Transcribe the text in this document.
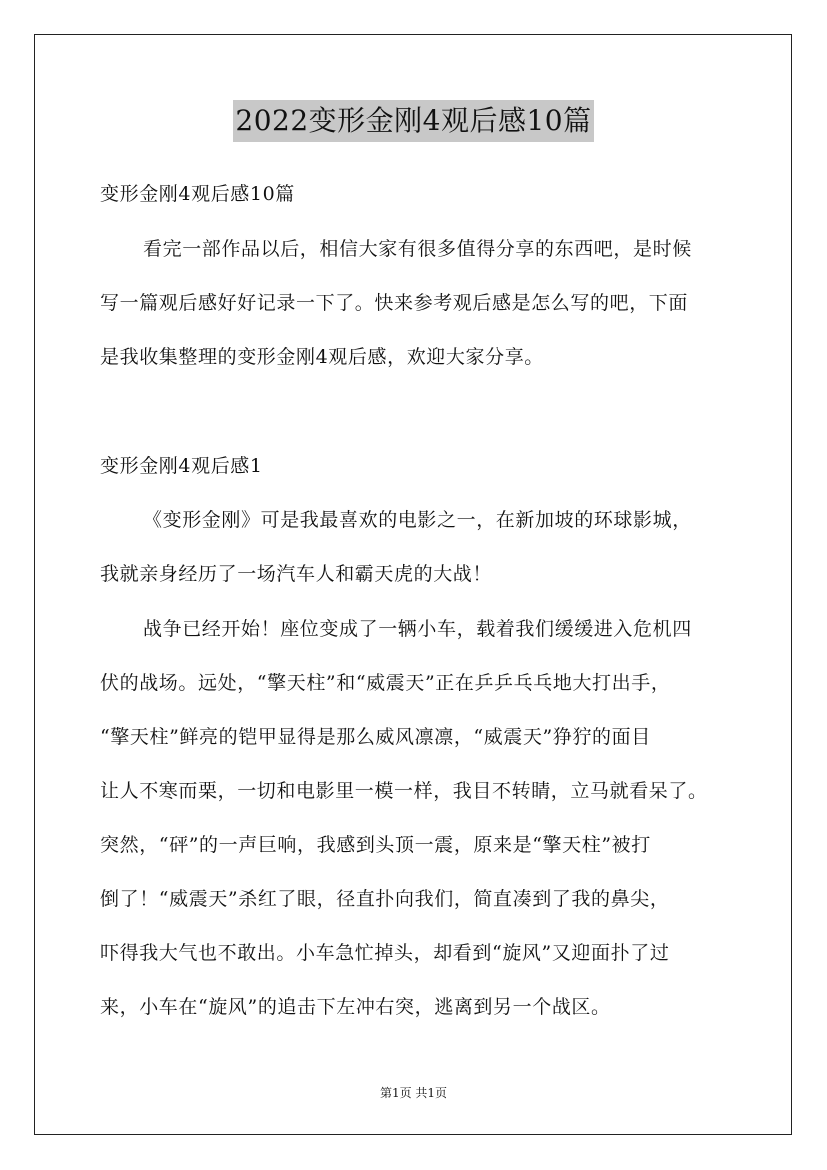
2022变形金刚4观后感10篇
变形金刚4观后感10篇
看完一部作品以后，相信大家有很多值得分享的东西吧，是时候
写一篇观后感好好记录一下了。快来参考观后感是怎么写的吧，下面
是我收集整理的变形金刚4观后感，欢迎大家分享。
变形金刚4观后感1
《变形金刚》可是我最喜欢的电影之一，在新加坡的环球影城，
我就亲身经历了一场汽车人和霸天虎的大战！
战争已经开始！座位变成了一辆小车，载着我们缓缓进入危机四
伏的战场。远处，“擎天柱”和“威震天”正在乒乒乓乓地大打出手，
“擎天柱”鲜亮的铠甲显得是那么威风凛凛，“威震天”狰狞的面目
让人不寒而栗，一切和电影里一模一样，我目不转睛，立马就看呆了。
突然，“砰”的一声巨响，我感到头顶一震，原来是“擎天柱”被打
倒了！“威震天”杀红了眼，径直扑向我们，简直凑到了我的鼻尖，
吓得我大气也不敢出。小车急忙掉头，却看到“旋风”又迎面扑了过
来，小车在“旋风”的追击下左冲右突，逃离到另一个战区。
第1页 共1页
